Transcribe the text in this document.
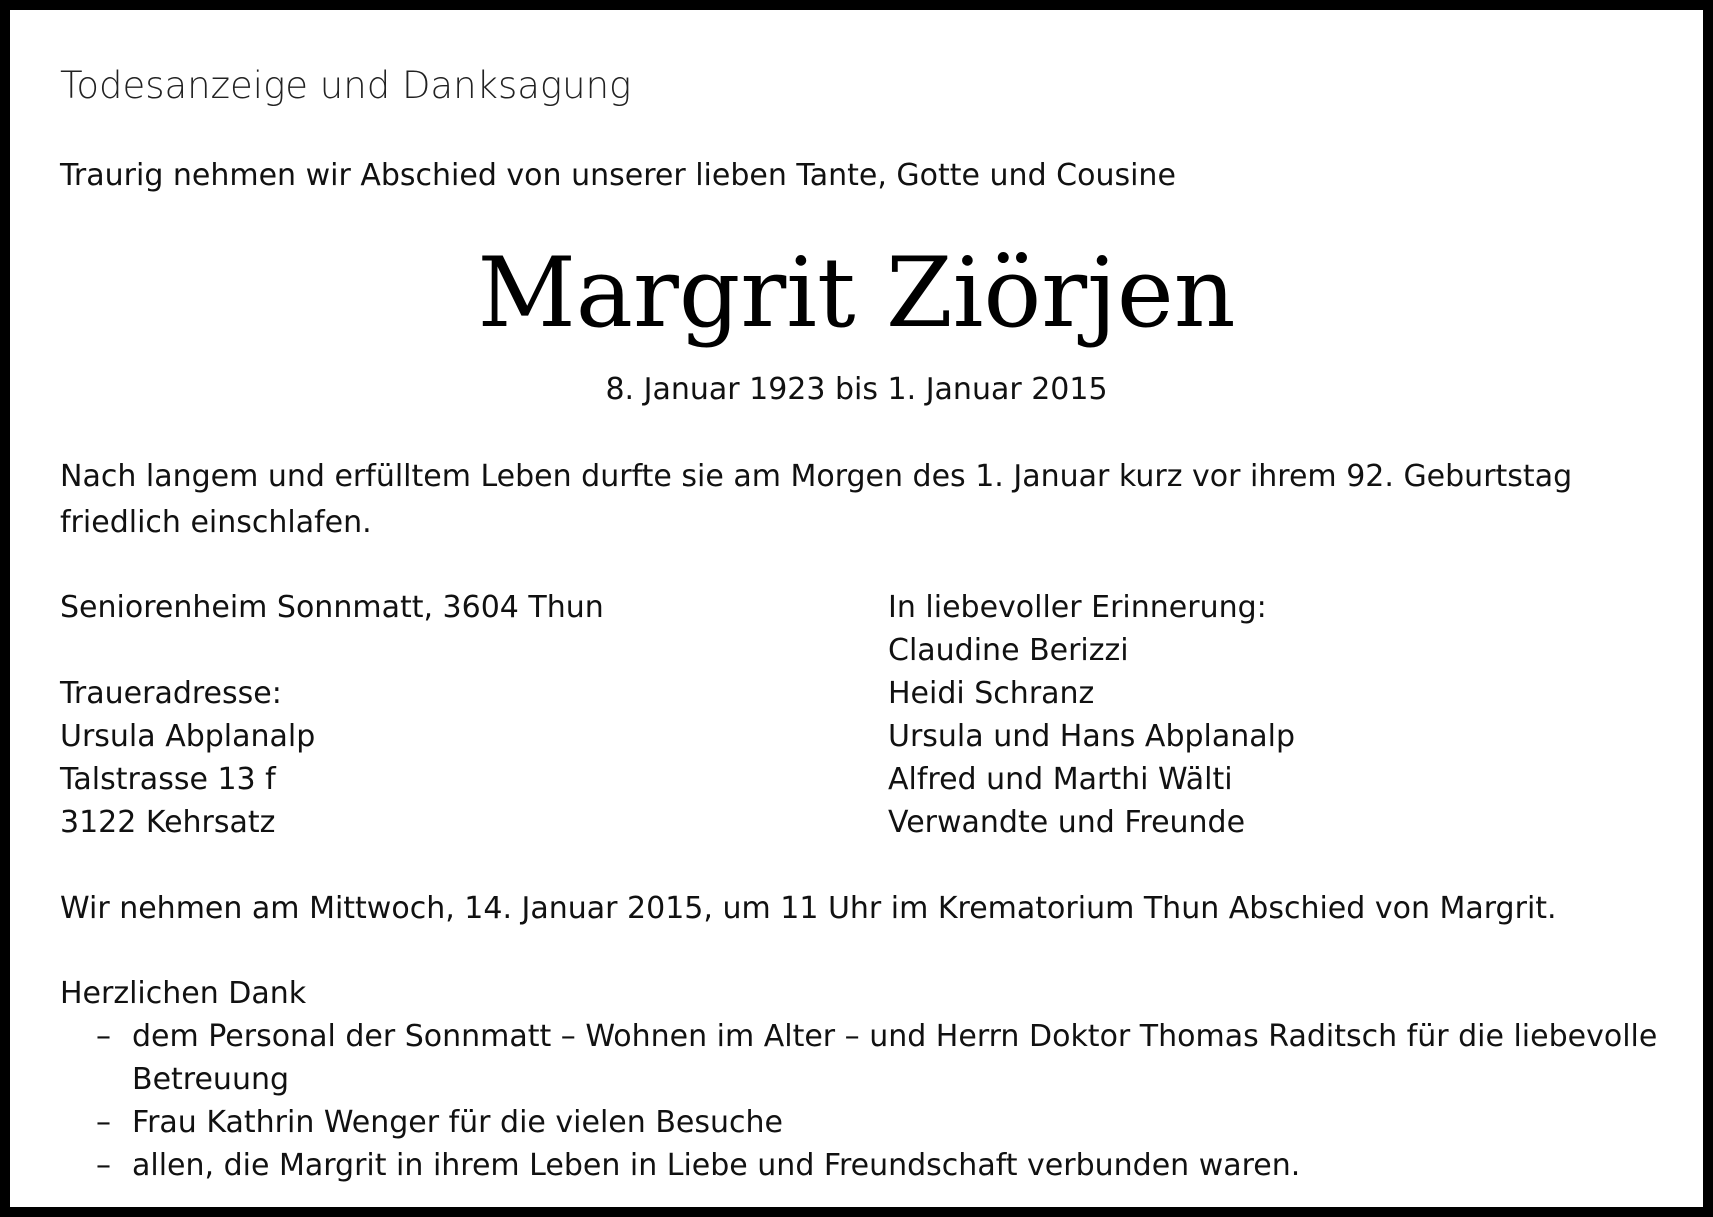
Todesanzeige und Danksagung
Traurig nehmen wir Abschied von unserer lieben Tante, Gotte und Cousine
Margrit Ziörjen
8. Januar 1923 bis 1. Januar 2015
Nach langem und erfülltem Leben durfte sie am Morgen des 1. Januar kurz vor ihrem 92. Geburtstag friedlich einschlafen.
Seniorenheim Sonnmatt, 3604 Thun
Traueradresse:
Ursula Abplanalp
Talstrasse 13 f
3122 Kehrsatz
In liebevoller Erinnerung:
Claudine Berizzi
Heidi Schranz
Ursula und Hans Abplanalp
Alfred und Marthi Wälti
Verwandte und Freunde
Wir nehmen am Mittwoch, 14. Januar 2015, um 11 Uhr im Krematorium Thun Abschied von Margrit.
Herzlichen Dank
– dem Personal der Sonnmatt – Wohnen im Alter – und Herrn Doktor Thomas Raditsch für die liebevolle Betreuung
– Frau Kathrin Wenger für die vielen Besuche
– allen, die Margrit in ihrem Leben in Liebe und Freundschaft verbunden waren.
